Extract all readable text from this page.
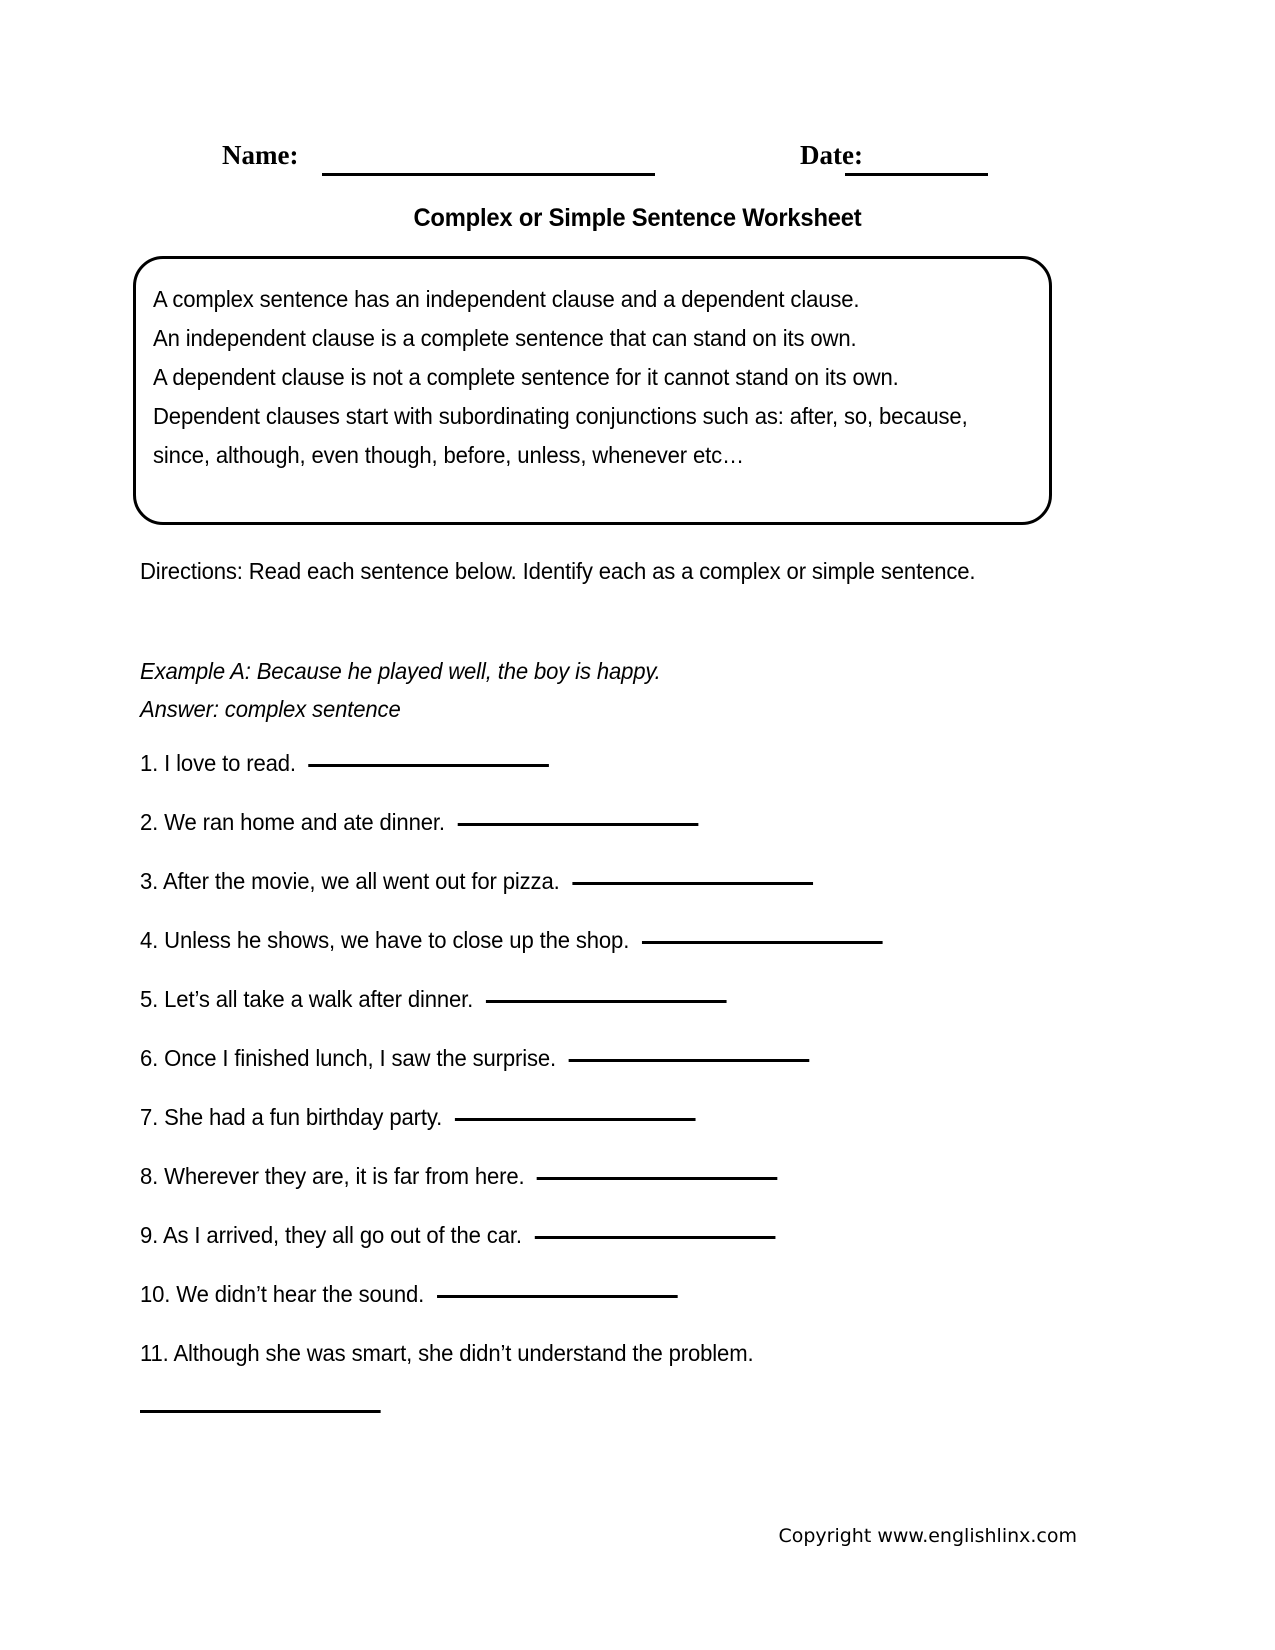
Name:	Date:
Complex or Simple Sentence Worksheet

A complex sentence has an independent clause and a dependent clause.

An independent clause is a complete sentence that can stand on its own.

A dependent clause is not a complete sentence for it cannot stand on its own.

Dependent clauses start with subordinating conjunctions such as: after, so, because, since, although, even though, before, unless, whenever etc…

Directions: Read each sentence below. Identify each as a complex or simple sentence.

Example A: Because he played well, the boy is happy.

Answer: complex sentence

1. I love to read.
2. We ran home and ate dinner.
3. After the movie, we all went out for pizza.
4. Unless he shows, we have to close up the shop.
5. Let’s all take a walk after dinner.
6. Once I finished lunch, I saw the surprise.
7. She had a fun birthday party.
8. Wherever they are, it is far from here.
9. As I arrived, they all go out of the car.
10. We didn’t hear the sound.
11. Although she was smart, she didn’t understand the problem.
Copyright www.englishlinx.com
